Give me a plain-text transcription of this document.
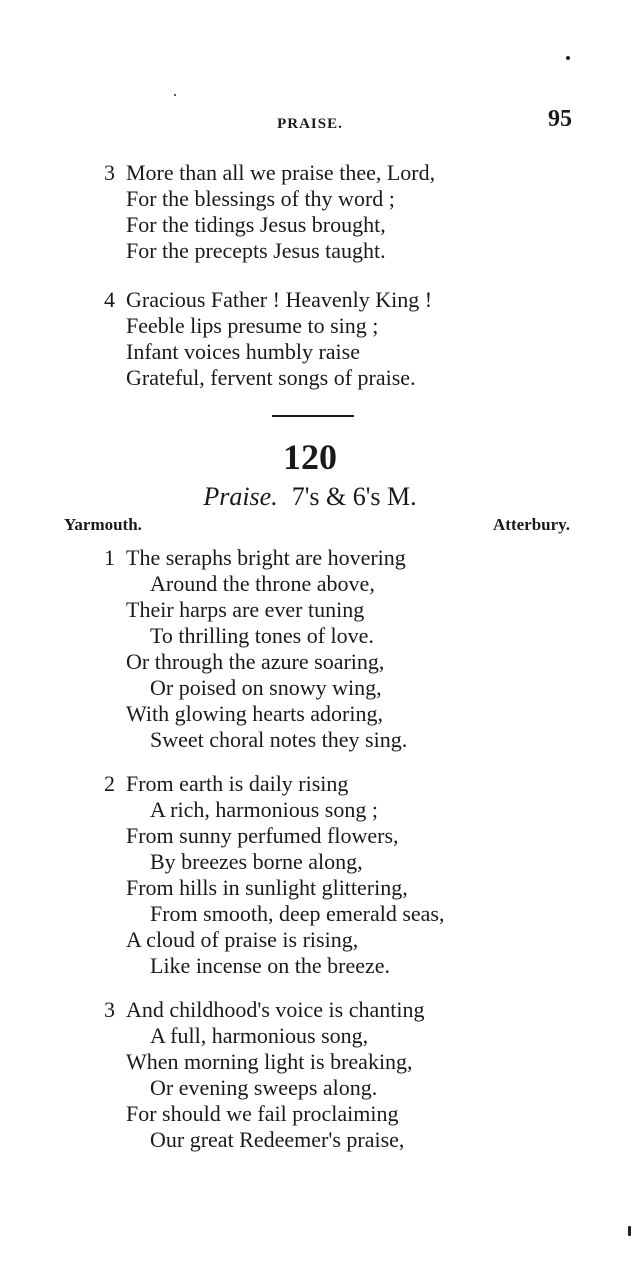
PRAISE.	95
3 More than all we praise thee, Lord,
For the blessings of thy word ;
For the tidings Jesus brought,
For the precepts Jesus taught.
4 Gracious Father ! Heavenly King !
Feeble lips presume to sing ;
Infant voices humbly raise
Grateful, fervent songs of praise.
120
Praise. 7's & 6's M.
Yarmouth.	Atterbury.
1 The seraphs bright are hovering
Around the throne above,
Their harps are ever tuning
To thrilling tones of love.
Or through the azure soaring,
Or poised on snowy wing,
With glowing hearts adoring,
Sweet choral notes they sing.
2 From earth is daily rising
A rich, harmonious song ;
From sunny perfumed flowers,
By breezes borne along,
From hills in sunlight glittering,
From smooth, deep emerald seas,
A cloud of praise is rising,
Like incense on the breeze.
3 And childhood's voice is chanting
A full, harmonious song,
When morning light is breaking,
Or evening sweeps along.
For should we fail proclaiming
Our great Redeemer's praise,
